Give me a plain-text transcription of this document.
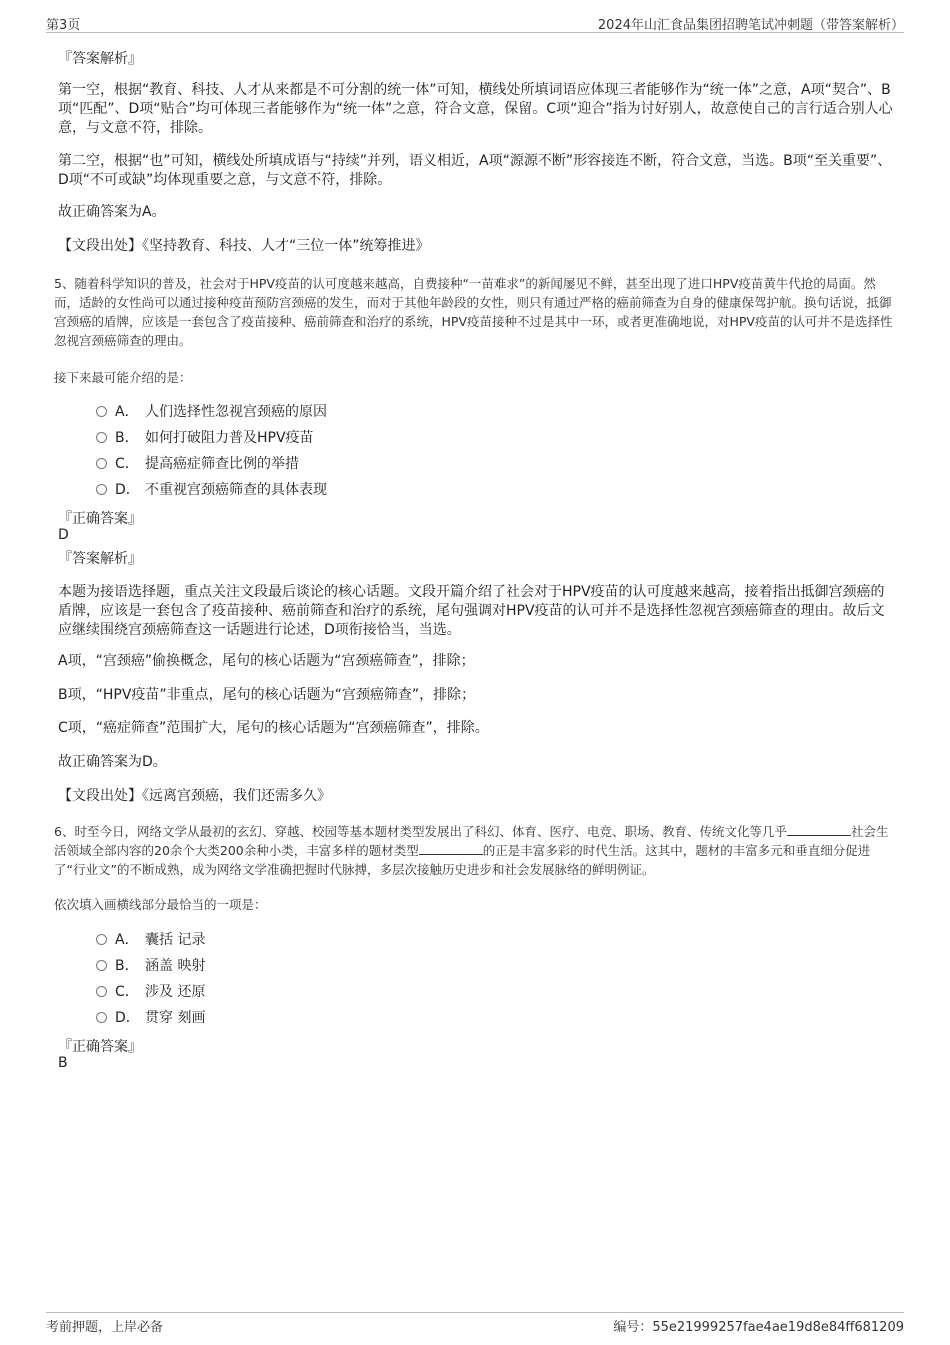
第3页	2024年山汇食品集团招聘笔试冲刺题（带答案解析）
『答案解析』
第一空，根据“教育、科技、人才从来都是不可分割的统一体”可知，横线处所填词语应体现三者能够作为“统一体”之意，A项“契合”、B项“匹配”、D项“贴合”均可体现三者能够作为“统一体”之意，符合文意，保留。C项“迎合”指为讨好别人，故意使自己的言行适合别人心意，与文意不符，排除。
第二空，根据“也”可知，横线处所填成语与“持续”并列，语义相近，A项“源源不断”形容接连不断，符合文意，当选。B项“至关重要”、D项“不可或缺”均体现重要之意，与文意不符，排除。
故正确答案为A。
【文段出处】《坚持教育、科技、人才“三位一体”统筹推进》
5、随着科学知识的普及，社会对于HPV疫苗的认可度越来越高，自费接种“一苗难求”的新闻屡见不鲜，甚至出现了进口HPV疫苗黄牛代抢的局面。然而，适龄的女性尚可以通过接种疫苗预防宫颈癌的发生，而对于其他年龄段的女性，则只有通过严格的癌前筛查为自身的健康保驾护航。换句话说，抵御宫颈癌的盾牌，应该是一套包含了疫苗接种、癌前筛查和治疗的系统，HPV疫苗接种不过是其中一环，或者更准确地说，对HPV疫苗的认可并不是选择性忽视宫颈癌筛查的理由。
接下来最可能介绍的是：
A． 人们选择性忽视宫颈癌的原因
B． 如何打破阻力普及HPV疫苗
C． 提高癌症筛查比例的举措
D． 不重视宫颈癌筛查的具体表现
『正确答案』
D
『答案解析』
本题为接语选择题，重点关注文段最后谈论的核心话题。文段开篇介绍了社会对于HPV疫苗的认可度越来越高，接着指出抵御宫颈癌的盾牌，应该是一套包含了疫苗接种、癌前筛查和治疗的系统，尾句强调对HPV疫苗的认可并不是选择性忽视宫颈癌筛查的理由。故后文应继续围绕宫颈癌筛查这一话题进行论述，D项衔接恰当，当选。
A项，“宫颈癌”偷换概念，尾句的核心话题为“宫颈癌筛查”，排除；
B项，“HPV疫苗”非重点，尾句的核心话题为“宫颈癌筛查”，排除；
C项，“癌症筛查”范围扩大，尾句的核心话题为“宫颈癌筛查”，排除。
故正确答案为D。
【文段出处】《远离宫颈癌，我们还需多久》
6、时至今日，网络文学从最初的玄幻、穿越、校园等基本题材类型发展出了科幻、体育、医疗、电竞、职场、教育、传统文化等几乎	社会生活领域全部内容的20余个大类200余种小类，丰富多样的题材类型	的正是丰富多彩的时代生活。这其中，题材的丰富多元和垂直细分促进了“行业文”的不断成熟，成为网络文学准确把握时代脉搏，多层次接触历史进步和社会发展脉络的鲜明例证。
依次填入画横线部分最恰当的一项是：
A． 囊括 记录
B． 涵盖 映射
C． 涉及 还原
D． 贯穿 刻画
『正确答案』
B
考前押题，上岸必备	编号：55e21999257fae4ae19d8e84ff681209
